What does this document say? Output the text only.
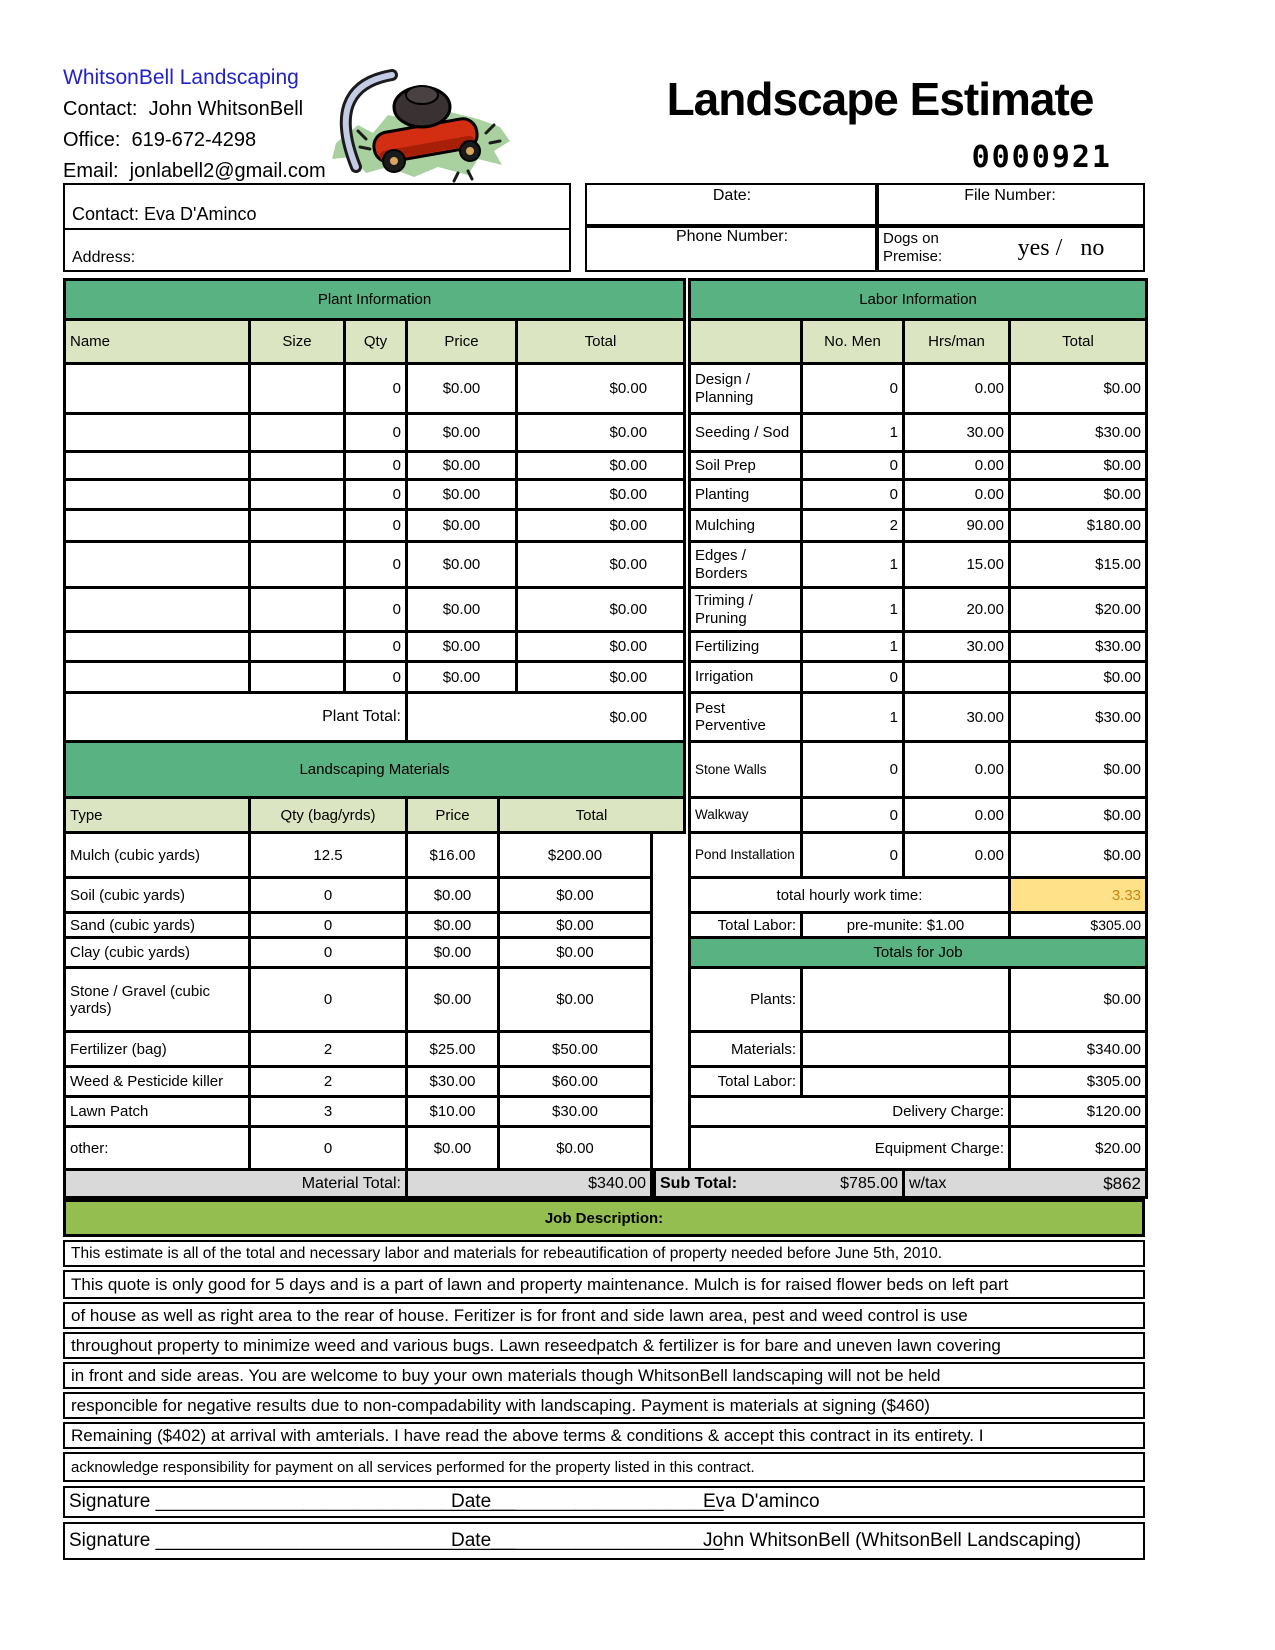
WhitsonBell Landscaping
Contact:  John WhitsonBell
Office:  619-672-4298
Email:  jonlabell2@gmail.com
Landscape Estimate
0000921
Contact: Eva D'Aminco
Address:
Date:	File Number:
Phone Number:	Dogs on Premise:	yes /   no
Plant Information						
Name	Size	Qty	Price		Total	
		0	$0.00		$0.00	
		0	$0.00		$0.00	
		0	$0.00		$0.00	
		0	$0.00		$0.00	
		0	$0.00		$0.00	
		0	$0.00		$0.00	
		0	$0.00		$0.00	
		0	$0.00		$0.00	
		0	$0.00		$0.00	
Plant Total:			$0.00			
Landscaping Materials						
Type	Qty (bag/yrds)		Price	Total		
Mulch (cubic yards)	12.5		$16.00	$200.00		
Soil (cubic yards)	0		$0.00	$0.00		
Sand (cubic yards)	0		$0.00	$0.00		
Clay (cubic yards)	0		$0.00	$0.00		
Stone / Gravel (cubic yards)	0		$0.00	$0.00		
Fertilizer (bag)	2		$25.00	$50.00		
Weed & Pesticide killer	2		$30.00	$60.00		
Lawn Patch	3		$10.00	$30.00		
other:	0		$0.00	$0.00		
Material Total:			$340.00			
	Labor Information			
		No. Men	Hrs/man	Total
	Design / Planning	0	0.00	$0.00
	Seeding / Sod	1	30.00	$30.00
	Soil Prep	0	0.00	$0.00
	Planting	0	0.00	$0.00
	Mulching	2	90.00	$180.00
	Edges / Borders	1	15.00	$15.00
	Triming / Pruning	1	20.00	$20.00
	Fertilizing	1	30.00	$30.00
	Irrigation	0		$0.00
	Pest Perventive	1	30.00	$30.00
	Stone Walls	0	0.00	$0.00
	Walkway	0	0.00	$0.00
	Pond Installation	0	0.00	$0.00
	total hourly work time:			3.33
	Total Labor:	pre-munite: $1.00		$305.00
	Totals for Job			
	Plants:			$0.00
	Materials:			$340.00
	Total Labor:			$305.00
	Delivery Charge:			$120.00
	Equipment Charge:			$20.00

Sub Total: $785.00			w/tax $862	
Job Description:
This estimate is all of the total and necessary labor and materials for rebeautification of property needed before June 5th, 2010.
This quote is only good for 5 days and is a part of lawn and property maintenance. Mulch is for raised flower beds on left part
of house as well as right area to the rear of house. Feritizer is for front and side lawn area, pest and weed control is use
throughout property to minimize weed and various bugs. Lawn reseedpatch & fertilizer is for bare and uneven lawn covering
in front and side areas. You are welcome to buy your own materials though WhitsonBell landscaping will not be held
responcible for negative results due to non-compadability with landscaping. Payment is materials at signing ($460)
Remaining ($402) at arrival with amterials. I have read the above terms & conditions & accept this contract in its entirety. I
acknowledge responsibility for payment on all services performed for the property listed in this contract.
Signature __________________________________
Date______________________
Eva D'aminco
Signature __________________________________
Date______________________
John WhitsonBell (WhitsonBell Landscaping)
